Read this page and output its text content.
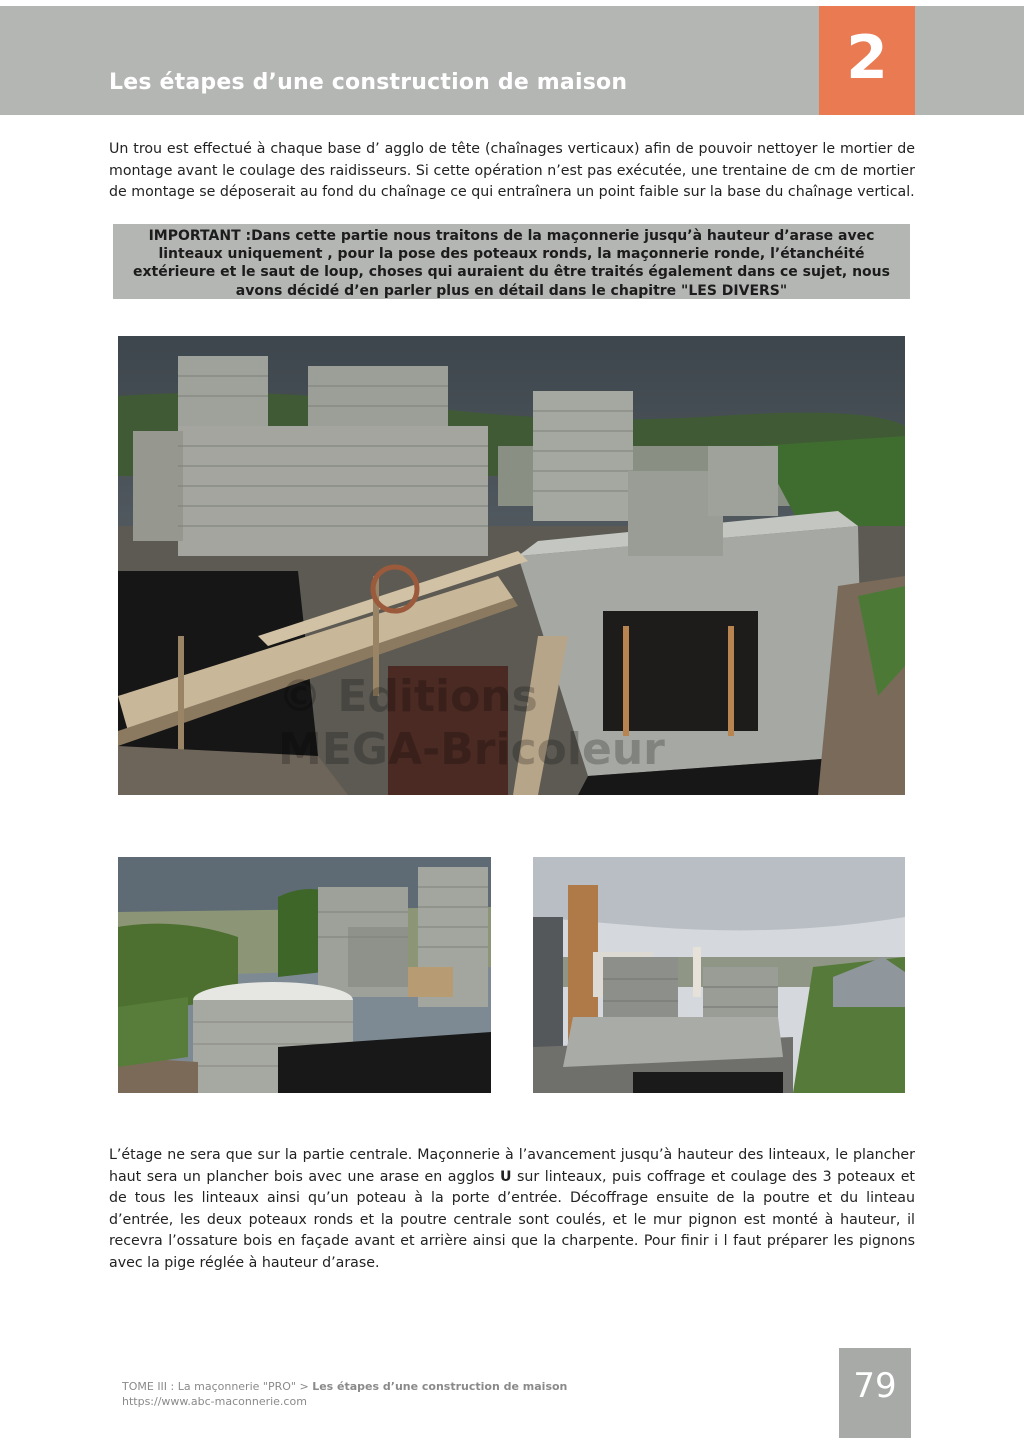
Les étapes d’une construction de maison	2

Un trou est effectué à chaque base d’ agglo de tête (chaînages verticaux) afin de pouvoir nettoyer le mortier de montage avant le coulage des raidisseurs. Si cette opération n’est pas exécutée, une trentaine de cm de mortier de montage se déposerait au fond du chaînage ce qui entraînera un point faible sur la base du chaînage vertical.

IMPORTANT :Dans cette partie nous traitons de la maçonnerie jusqu’à hauteur d’arase avec linteaux uniquement , pour la pose des poteaux ronds, la maçonnerie ronde, l’étanchéité extérieure et le saut de loup, choses qui auraient du être traités également dans ce sujet, nous avons décidé d’en parler plus en détail dans le chapitre "LES DIVERS"

© Editions
MEGA-Bricoleur

L’étage ne sera que sur la partie centrale. Maçonnerie à l’avancement jusqu’à hauteur des linteaux, le plancher haut sera un plancher bois avec une arase en agglos U sur linteaux, puis coffrage et coulage des 3 poteaux et de tous les linteaux ainsi qu’un poteau à la porte d’entrée. Décoffrage ensuite de la poutre et du linteau d’entrée, les deux poteaux ronds et la poutre centrale sont coulés, et le mur pignon est monté à hauteur, il recevra l’ossature bois en façade avant et arrière ainsi que la charpente. Pour finir i l faut préparer les pignons avec la pige réglée à hauteur d’arase.

TOME III : La maçonnerie "PRO" > Les étapes d’une construction de maison
https://www.abc-maconnerie.com	79
